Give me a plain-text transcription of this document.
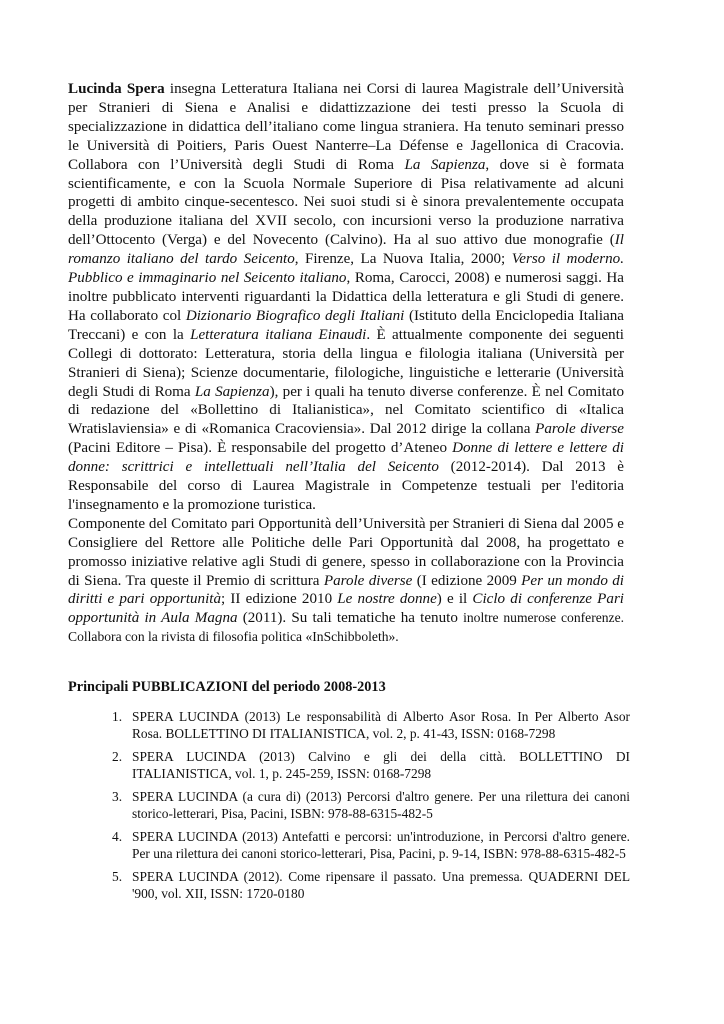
Lucinda Spera insegna Letteratura Italiana nei Corsi di laurea Magistrale dell’Università per Stranieri di Siena e Analisi e didattizzazione dei testi presso la Scuola di specializzazione in didattica dell’italiano come lingua straniera. Ha tenuto seminari presso le Università di Poitiers, Paris Ouest Nanterre–La Défense e Jagellonica di Cracovia. Collabora con l’Università degli Studi di Roma La Sapienza, dove si è formata scientificamente, e con la Scuola Normale Superiore di Pisa relativamente ad alcuni progetti di ambito cinque-secentesco. Nei suoi studi si è sinora prevalentemente occupata della produzione italiana del XVII secolo, con incursioni verso la produzione narrativa dell’Ottocento (Verga) e del Novecento (Calvino). Ha al suo attivo due monografie (Il romanzo italiano del tardo Seicento, Firenze, La Nuova Italia, 2000; Verso il moderno. Pubblico e immaginario nel Seicento italiano, Roma, Carocci, 2008) e numerosi saggi. Ha inoltre pubblicato interventi riguardanti la Didattica della letteratura e gli Studi di genere. Ha collaborato col Dizionario Biografico degli Italiani (Istituto della Enciclopedia Italiana Treccani) e con la Letteratura italiana Einaudi. È attualmente componente dei seguenti Collegi di dottorato: Letteratura, storia della lingua e filologia italiana (Università per Stranieri di Siena); Scienze documentarie, filologiche, linguistiche e letterarie (Università degli Studi di Roma La Sapienza), per i quali ha tenuto diverse conferenze. È nel Comitato di redazione del «Bollettino di Italianistica», nel Comitato scientifico di «Italica Wratislaviensia» e di «Romanica Cracoviensia». Dal 2012 dirige la collana Parole diverse (Pacini Editore – Pisa). È responsabile del progetto d’Ateneo Donne di lettere e lettere di donne: scrittrici e intellettuali nell’Italia del Seicento (2012-2014). Dal 2013 è Responsabile del corso di Laurea Magistrale in Competenze testuali per l'editoria l'insegnamento e la promozione turistica.

Componente del Comitato pari Opportunità dell’Università per Stranieri di Siena dal 2005 e Consigliere del Rettore alle Politiche delle Pari Opportunità dal 2008, ha progettato e promosso iniziative relative agli Studi di genere, spesso in collaborazione con la Provincia di Siena. Tra queste il Premio di scrittura Parole diverse (I edizione 2009 Per un mondo di diritti e pari opportunità; II edizione 2010 Le nostre donne) e il Ciclo di conferenze Pari opportunità in Aula Magna (2011). Su tali tematiche ha tenuto inoltre numerose conferenze. Collabora con la rivista di filosofia politica «InSchibboleth».

Principali PUBBLICAZIONI del periodo 2008-2013
1. SPERA LUCINDA (2013) Le responsabilità di Alberto Asor Rosa. In Per Alberto Asor Rosa. BOLLETTINO DI ITALIANISTICA, vol. 2, p. 41-43, ISSN: 0168-7298
2. SPERA LUCINDA (2013) Calvino e gli dei della città. BOLLETTINO DI ITALIANISTICA, vol. 1, p. 245-259, ISSN: 0168-7298
3. SPERA LUCINDA (a cura di) (2013) Percorsi d'altro genere. Per una rilettura dei canoni storico-letterari, Pisa, Pacini, ISBN: 978-88-6315-482-5
4. SPERA LUCINDA (2013) Antefatti e percorsi: un'introduzione, in Percorsi d'altro genere. Per una rilettura dei canoni storico-letterari, Pisa, Pacini, p. 9-14, ISBN: 978-88-6315-482-5
5. SPERA LUCINDA (2012). Come ripensare il passato. Una premessa. QUADERNI DEL '900, vol. XII, ISSN: 1720-0180
